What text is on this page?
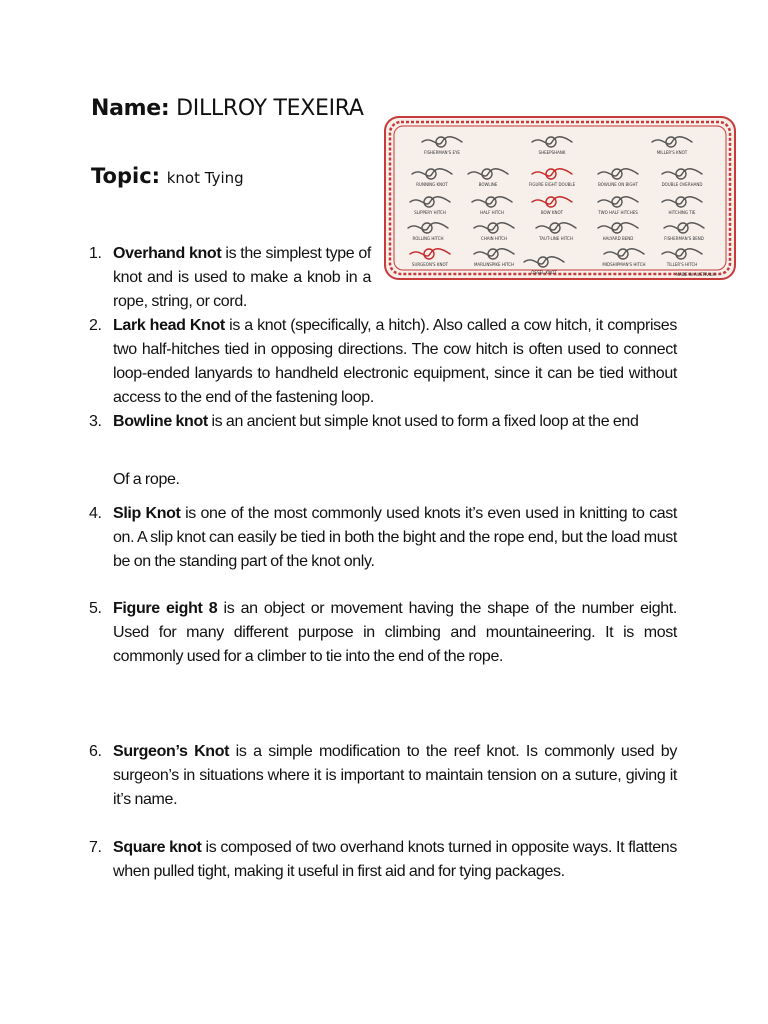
Name: DILLROY TEXEIRA
Topic: knot Tying
FISHERMAN'S EYE	SHEEPSHANK	MILLER'S KNOT
RUNNING KNOT	BOWLINE	FIGURE EIGHT DOUBLE	BOWLINE ON BIGHT	DOUBLE OVERHAND
SLIPPERY HITCH	HALF HITCH	BOW KNOT	TWO HALF HITCHES	HITCHING TIE
ROLLING HITCH	CHAIN HITCH	TAUT-LINE HITCH	HALYARD BEND	FISHERMAN'S BEND
SURGEON'S KNOT	MARLINSPIKE HITCH
OSSEL KNOT
MIDSHIPMAN'S HITCH	TILLER'S HITCH
MADE IN AUSTRALIA
1. Overhand knot is the simplest type of knot and is used to make a knob in a rope, string, or cord.
2. Lark head Knot is a knot (specifically, a hitch). Also called a cow hitch, it comprises two half-hitches tied in opposing directions. The cow hitch is often used to connect loop-ended lanyards to handheld electronic equipment, since it can be tied without access to the end of the fastening loop.
3. Bowline knot is an ancient but simple knot used to form a fixed loop at the end
Of a rope.
4. Slip Knot is one of the most commonly used knots it’s even used in knitting to cast on. A slip knot can easily be tied in both the bight and the rope end, but the load must be on the standing part of the knot only.
5. Figure eight 8 is an object or movement having the shape of the number eight. Used for many different purpose in climbing and mountaineering. It is most commonly used for a climber to tie into the end of the rope.
6. Surgeon’s Knot is a simple modification to the reef knot. Is commonly used by surgeon’s in situations where it is important to maintain tension on a suture, giving it it’s name.
7. Square knot is composed of two overhand knots turned in opposite ways. It flattens when pulled tight, making it useful in first aid and for tying packages.
